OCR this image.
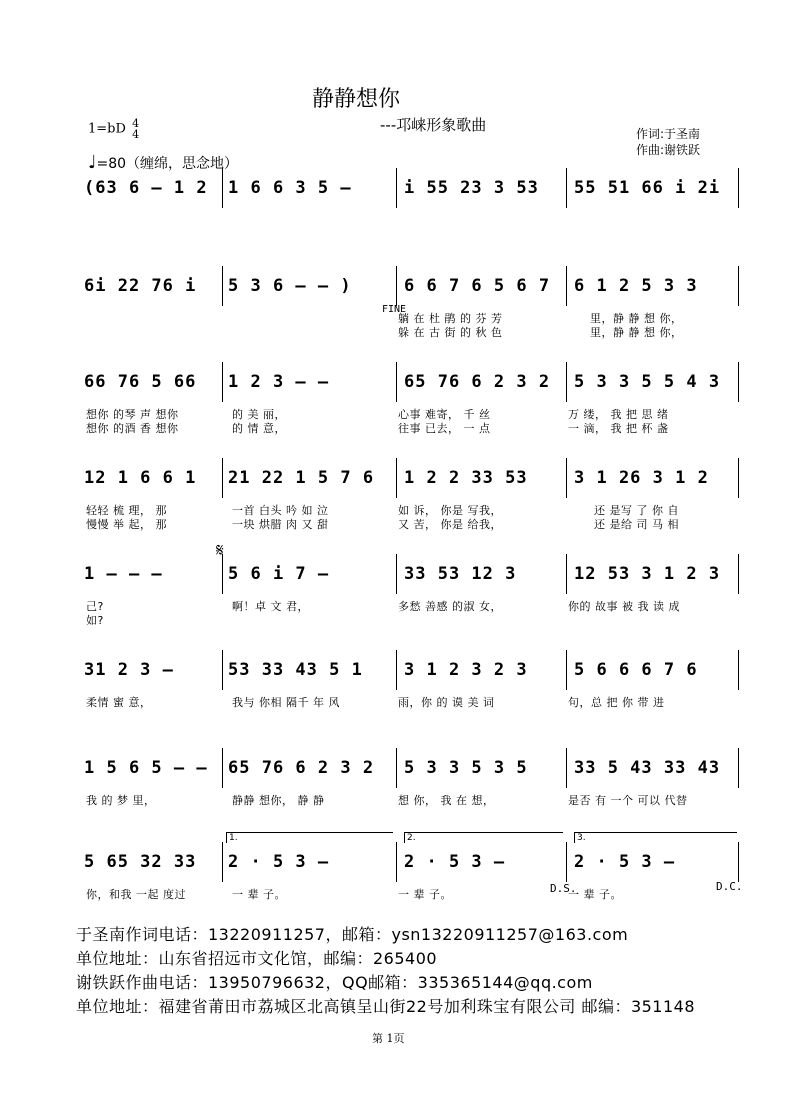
静静想你
---邛崃形象歌曲	作词:于圣南
作曲:谢铁跃
1=bD 4
4
♩=80（缠绵，思念地）
(63 6 – 1 2 1 6 6 3 5 –	i 55 23 3 53 55 51 66 i 2i
6i 22 76 i 5 3 6 – – )	6 6 7 6 5 6 7 6 1 2 5 3 3
躺 在 杜 鹃 的 芬 芳	里，静 静 想 你，
躲 在 古 街 的 秋 色	里，静 静 想 你，
66 76 5 66 1 2 3 – –	65 76 6 2 3 2 5 3 3 5 5 4 3
想你 的琴 声 想你	的 美 丽，	心事 难寄， 千 丝	万 缕， 我 把 思 绪
想你 的酒 香 想你	的 情 意，	往事 已去， 一 点	一 滴， 我 把 杯 盏
12 1 6 6 1 21 22 1 5 7 6 1 2 2 33 53	3 1 26 3 1 2
轻轻 梳 理， 那	一首 白头 吟 如 泣	如 诉， 你是 写我，	还 是写 了 你 自
慢慢 举 起， 那	一块 烘腊 肉 又 甜	又 苦， 你是 给我，	还 是给 司 马 相
1 – – –	5 6 i 7 –	33 53 12 3	12 53 3 1 2 3
己?	啊！卓 文 君，	多愁 善感 的淑 女，	你的 故事 被 我 读 成
如?
31 2 3 –	53 33 43 5 1 3 1 2 3 2 3	5 6 6 6 7 6
柔情 蜜 意，	我与 你相 隔千 年 风	雨，你 的 谟 美 词	句，总 把 你 带 进
1 5 6 5 – – 65 76 6 2 3 2 5 3 3 5 3 5	33 5 43 33 43
我 的 梦 里，	静静 想你， 静 静	想 你， 我 在 想，	是否 有 一个 可以 代替
5 65 32 33 2 · 5 3 –	2 · 5 3 –	2 · 5 3 –
你，和我 一起 度过	一 辈 子。	一 辈 子。	一 辈 子。
FINE
𝄋
1.	2.	3.
D.S.	D.C.
于圣南作词电话：13220911257，邮箱：ysn13220911257@163.com
单位地址：山东省招远市文化馆，邮编：265400
谢铁跃作曲电话：13950796632，QQ邮箱：335365144@qq.com
单位地址：福建省莆田市荔城区北高镇呈山街22号加利珠宝有限公司 邮编：351148
第 1页
